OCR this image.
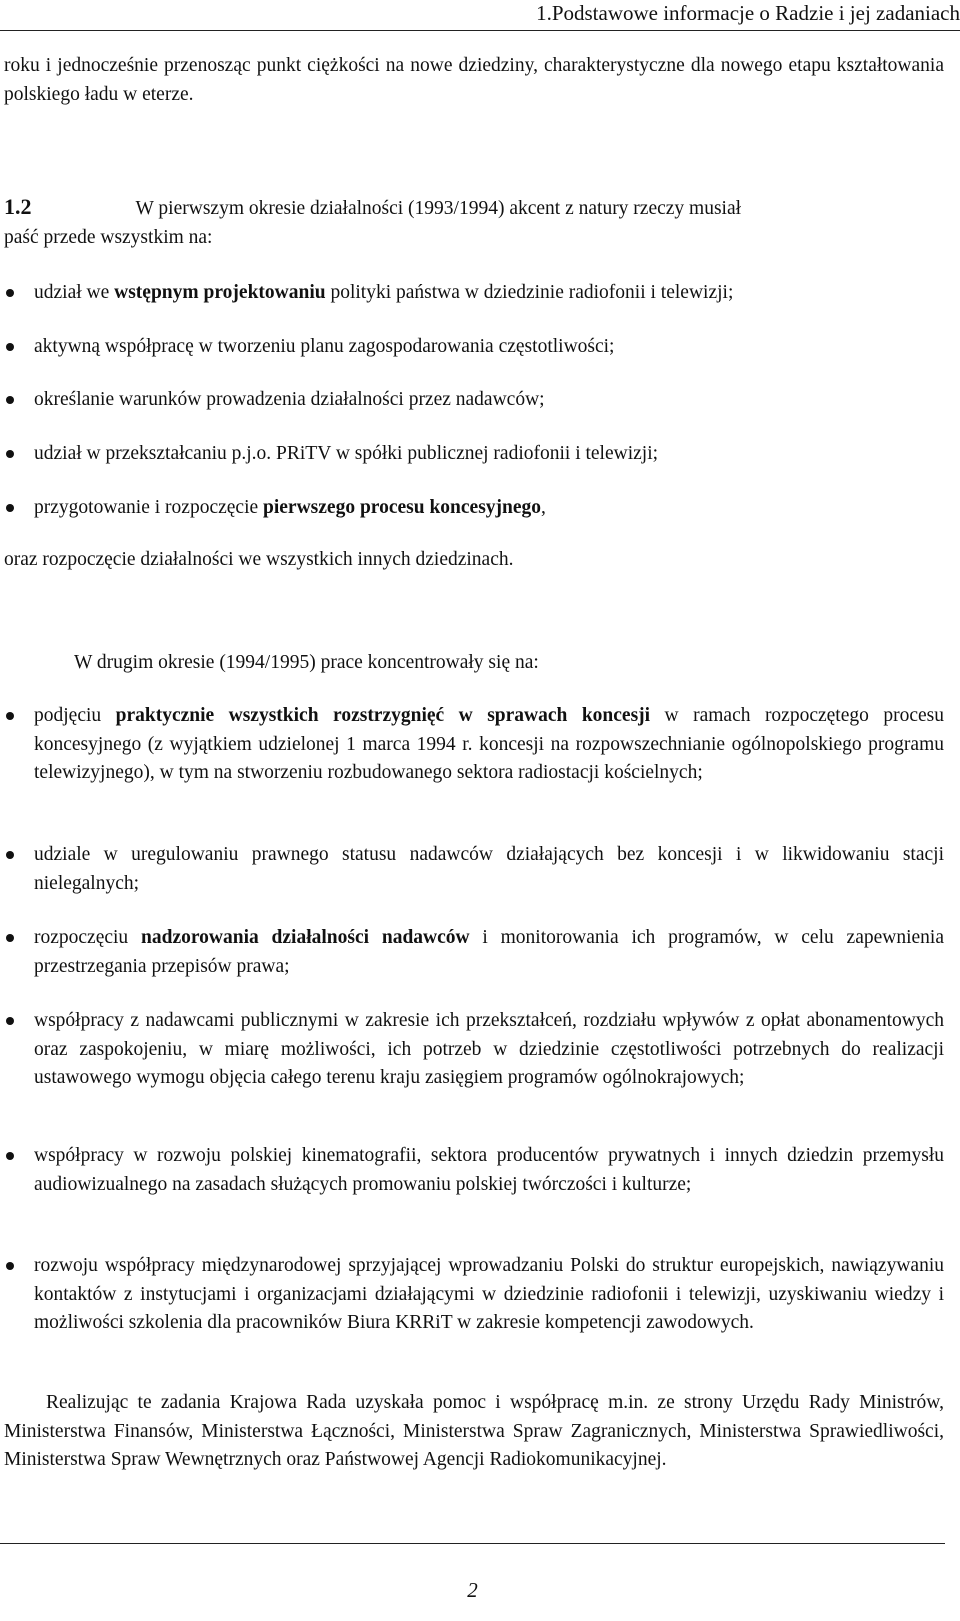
1.Podstawowe informacje o Radzie i jej zadaniach
roku i jednocześnie przenosząc punkt ciężkości na nowe dziedziny, charakterystyczne dla nowego etapu kształtowania polskiego ładu w eterze.
1.2	W pierwszym okresie działalności (1993/1994) akcent z natury rzeczy musiał
paść przede wszystkim na:
udział we wstępnym projektowaniu polityki państwa w dziedzinie radiofonii i telewizji;
aktywną współpracę w tworzeniu planu zagospodarowania częstotliwości;
określanie warunków prowadzenia działalności przez nadawców;
udział w przekształcaniu p.j.o. PRiTV w spółki publicznej radiofonii i telewizji;
przygotowanie i rozpoczęcie pierwszego procesu koncesyjnego,
oraz rozpoczęcie działalności we wszystkich innych dziedzinach.
W drugim okresie (1994/1995) prace koncentrowały się na:
podjęciu praktycznie wszystkich rozstrzygnięć w sprawach koncesji w ramach rozpoczętego procesu koncesyjnego (z wyjątkiem udzielonej 1 marca 1994 r. koncesji na rozpowszechnianie ogólnopolskiego programu telewizyjnego), w tym na stworzeniu rozbudowanego sektora radiostacji kościelnych;
udziale w uregulowaniu prawnego statusu nadawców działających bez koncesji i w likwidowaniu stacji nielegalnych;
rozpoczęciu nadzorowania działalności nadawców i monitorowania ich programów, w celu zapewnienia przestrzegania przepisów prawa;
współpracy z nadawcami publicznymi w zakresie ich przekształceń, rozdziału wpływów z opłat abonamentowych oraz zaspokojeniu, w miarę możliwości, ich potrzeb w dziedzinie częstotliwości potrzebnych do realizacji ustawowego wymogu objęcia całego terenu kraju zasięgiem programów ogólnokrajowych;
współpracy w rozwoju polskiej kinematografii, sektora producentów prywatnych i innych dziedzin przemysłu audiowizualnego na zasadach służących promowaniu polskiej twórczości i kulturze;
rozwoju współpracy międzynarodowej sprzyjającej wprowadzaniu Polski do struktur europejskich, nawiązywaniu kontaktów z instytucjami i organizacjami działającymi w dziedzinie radiofonii i telewizji, uzyskiwaniu wiedzy i możliwości szkolenia dla pracowników Biura KRRiT w zakresie kompetencji zawodowych.
Realizując te zadania Krajowa Rada uzyskała pomoc i współpracę m.in. ze strony Urzędu Rady Ministrów, Ministerstwa Finansów, Ministerstwa Łączności, Ministerstwa Spraw Zagranicznych, Ministerstwa Sprawiedliwości, Ministerstwa Spraw Wewnętrznych oraz Państwowej Agencji Radiokomunikacyjnej.
2
